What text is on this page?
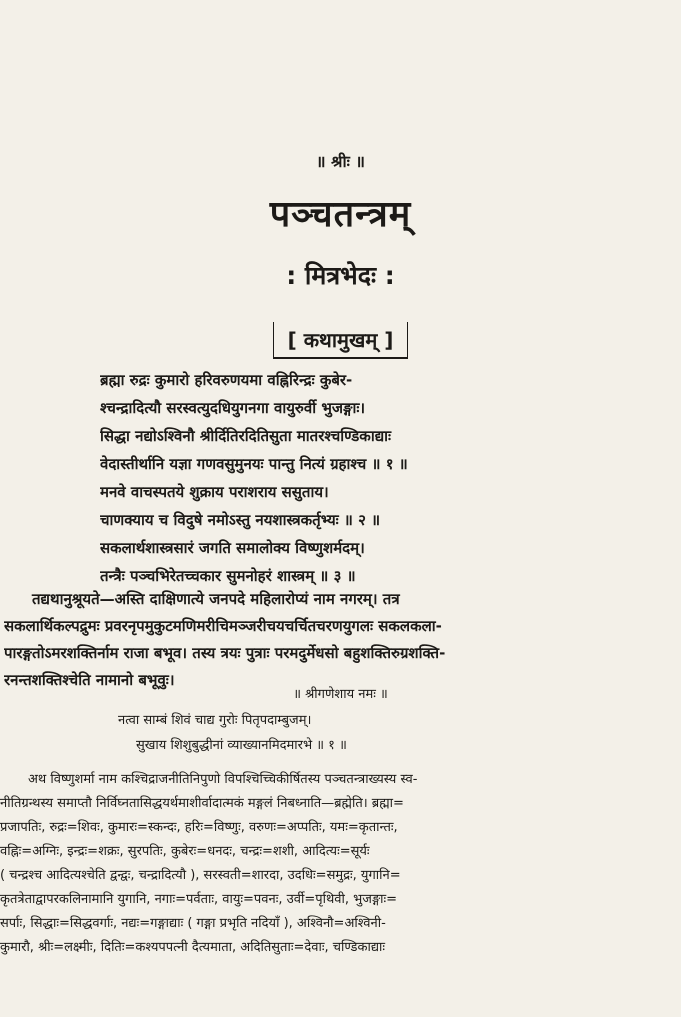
॥ श्रीः ॥
पञ्चतन्त्रम्
: मित्रभेदः :
[ कथामुखम् ]
ब्रह्मा रुद्रः कुमारो हरिवरुणयमा वह्निरिन्द्रः कुबेर-
श्चन्द्रादित्यौ सरस्वत्युदधियुगनगा वायुरुर्वी भुजङ्गाः।
सिद्धा नद्योऽश्विनौ श्रीर्दितिरदितिसुता मातरश्चण्डिकाद्याः
वेदास्तीर्थानि यज्ञा गणवसुमुनयः पान्तु नित्यं ग्रहाश्च ॥ १ ॥
मनवे वाचस्पतये शुक्राय पराशराय ससुताय।
चाणक्याय च विदुषे नमोऽस्तु नयशास्त्रकर्तृभ्यः ॥ २ ॥
सकलार्थशास्त्रसारं जगति समालोक्य विष्णुशर्मदम्।
तन्त्रैः पञ्चभिरेतच्चकार सुमनोहरं शास्त्रम् ॥ ३ ॥
तद्यथानुश्रूयते—अस्ति दाक्षिणात्ये जनपदे महिलारोप्यं नाम नगरम्। तत्र
सकलार्थिकल्पद्रुमः प्रवरनृपमुकुटमणिमरीचिमञ्जरीचयचर्चितचरणयुगलः सकलकला-
पारङ्गतोऽमरशक्तिर्नाम राजा बभूव। तस्य त्रयः पुत्राः परमदुर्मेधसो बहुशक्तिरुग्रशक्ति-
रनन्तशक्तिश्चेति नामानो बभूवुः।
॥ श्रीगणेशाय नमः ॥
नत्वा साम्बं शिवं चाद्य गुरोः पितृपदाम्बुजम्।
सुखाय शिशुबुद्धीनां व्याख्यानमिदमारभे ॥ १ ॥
अथ विष्णुशर्मा नाम कश्चिद्राजनीतिनिपुणो विपश्चिच्चिकीर्षितस्य पञ्चतन्त्राख्यस्य स्व-
नीतिग्रन्थस्य समाप्तौ निर्विघ्नतासिद्धयर्थमाशीर्वादात्मकं मङ्गलं निबध्नाति—ब्रह्मेति। ब्रह्मा=
प्रजापतिः, रुद्रः=शिवः, कुमारः=स्कन्दः, हरिः=विष्णुः, वरुणः=अप्पतिः, यमः=कृतान्तः,
वह्निः=अग्निः, इन्द्रः=शक्रः, सुरपतिः, कुबेरः=धनदः, चन्द्रः=शशी, आदित्यः=सूर्यः
( चन्द्रश्च आदित्यश्चेति द्वन्द्वः, चन्द्रादित्यौ ), सरस्वती=शारदा, उदधिः=समुद्रः, युगानि=
कृतत्रेताद्वापरकलिनामानि युगानि, नगाः=पर्वताः, वायुः=पवनः, उर्वी=पृथिवी, भुजङ्गाः=
सर्पाः, सिद्धाः=सिद्धवर्गाः, नद्यः=गङ्गाद्याः ( गङ्गा प्रभृति नदियाँ ), अश्विनौ=अश्विनी-
कुमारौ, श्रीः=लक्ष्मीः, दितिः=कश्यपपत्नी दैत्यमाता, अदितिसुताः=देवाः, चण्डिकाद्याः
